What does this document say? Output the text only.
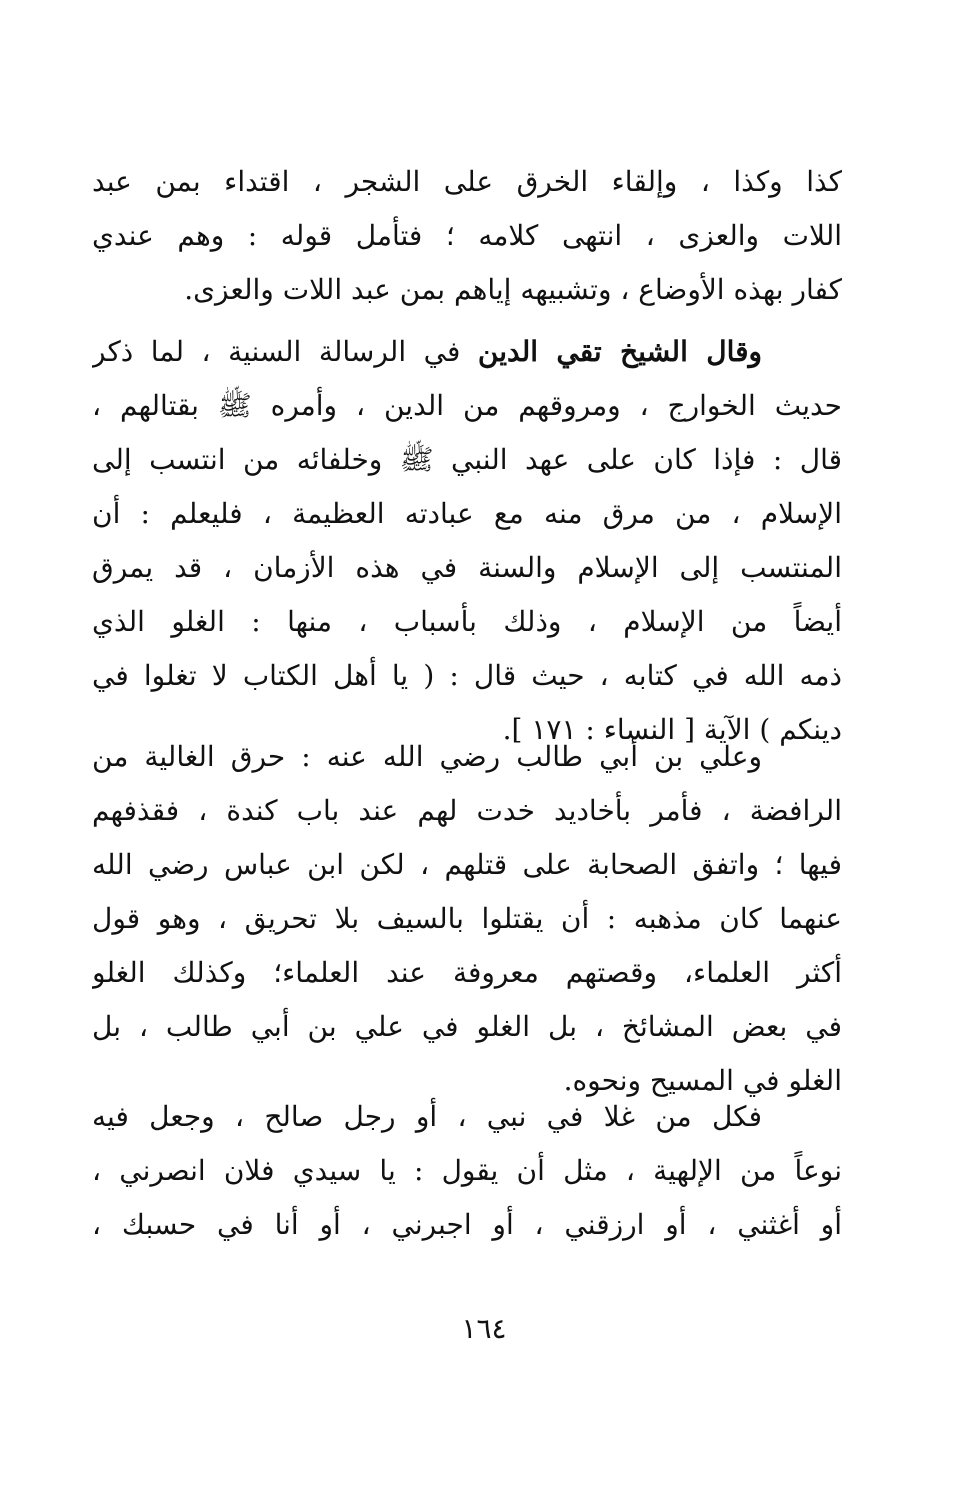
كذا وكذا ، وإلقاء الخرق على الشجر ، اقتداء بمن عبد
اللات والعزى ، انتهى كلامه ؛ فتأمل قوله : وهم عندي
كفار بهذه الأوضاع ، وتشبيهه إياهم بمن عبد اللات والعزى.
وقال الشيخ تقي الدين في الرسالة السنية ، لما ذكر
حديث الخوارج ، ومروقهم من الدين ، وأمره ﷺ بقتالهم ،
قال : فإذا كان على عهد النبي ﷺ وخلفائه من انتسب إلى
الإسلام ، من مرق منه مع عبادته العظيمة ، فليعلم : أن
المنتسب إلى الإسلام والسنة في هذه الأزمان ، قد يمرق
أيضاً من الإسلام ، وذلك بأسباب ، منها : الغلو الذي
ذمه الله في كتابه ، حيث قال : ( يا أهل الكتاب لا تغلوا في
دينكم ) الآية [ النساء : ١٧١ ].
وعلي بن أبي طالب رضي الله عنه : حرق الغالية من
الرافضة ، فأمر بأخاديد خدت لهم عند باب كندة ، فقذفهم
فيها ؛ واتفق الصحابة على قتلهم ، لكن ابن عباس رضي الله
عنهما كان مذهبه : أن يقتلوا بالسيف بلا تحريق ، وهو قول
أكثر العلماء، وقصتهم معروفة عند العلماء؛ وكذلك الغلو
في بعض المشائخ ، بل الغلو في علي بن أبي طالب ، بل
الغلو في المسيح ونحوه.
فكل من غلا في نبي ، أو رجل صالح ، وجعل فيه
نوعاً من الإلهية ، مثل أن يقول : يا سيدي فلان انصرني ،
أو أغثني ، أو ارزقني ، أو اجبرني ، أو أنا في حسبك ،
١٦٤
